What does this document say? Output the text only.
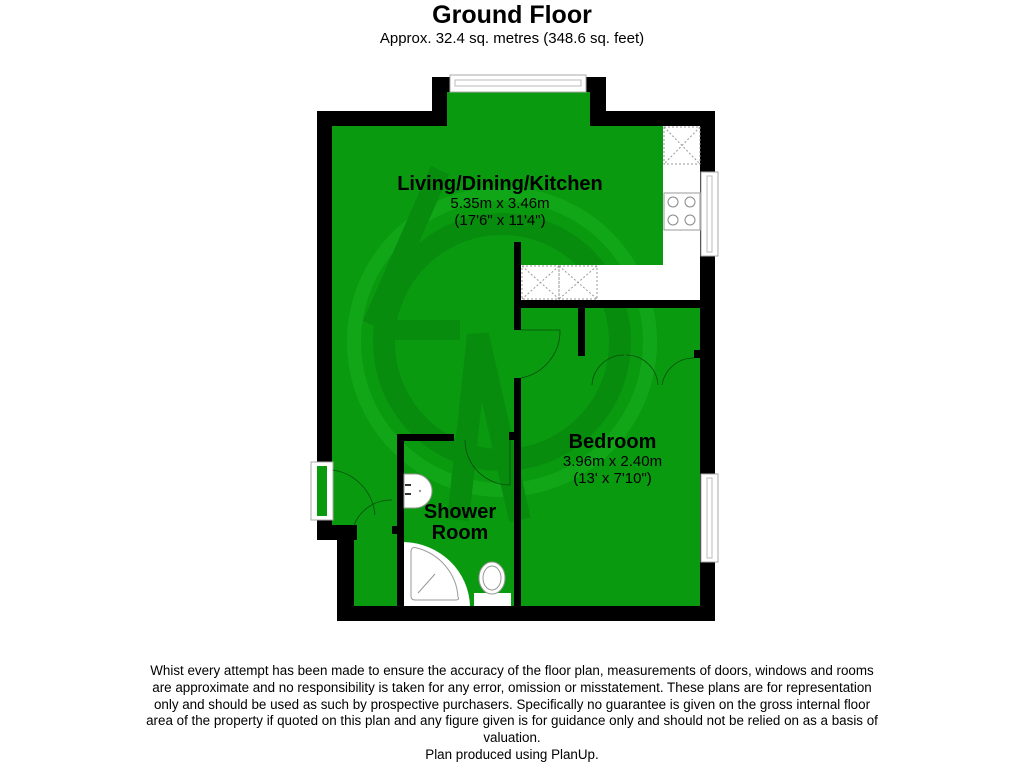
Ground Floor
Approx. 32.4 sq. metres (348.6 sq. feet)
Living/Dining/Kitchen
5.35m x 3.46m
(17'6" x 11'4")
Bedroom
3.96m x 2.40m
(13' x 7'10")
Shower
Room
Whist every attempt has been made to ensure the accuracy of the floor plan, measurements of doors, windows and rooms are approximate and no responsibility is taken for any error, omission or misstatement. These plans are for representation only and should be used as such by prospective purchasers. Specifically no guarantee is given on the gross internal floor area of the property if quoted on this plan and any figure given is for guidance only and should not be relied on as a basis of valuation.
Plan produced using PlanUp.
